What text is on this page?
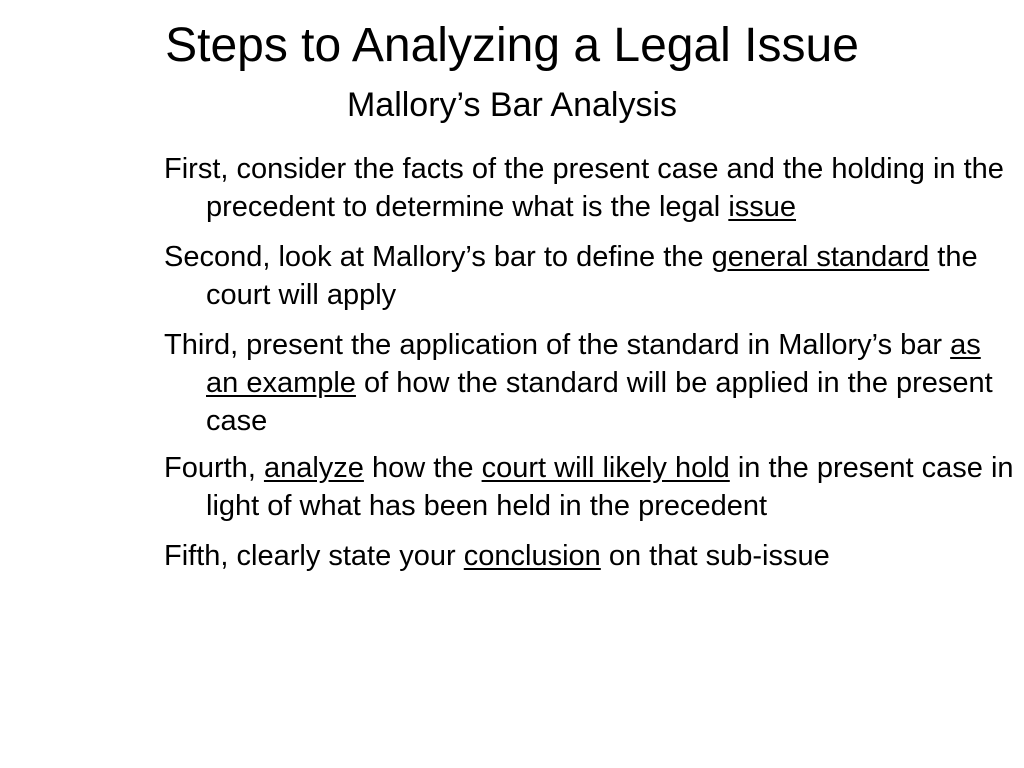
Steps to Analyzing a Legal Issue
Mallory’s Bar Analysis
First, consider the facts of the present case and the holding in the precedent to determine what is the legal issue
Second, look at Mallory’s bar to define the general standard the court will apply
Third, present the application of the standard in Mallory’s bar as an example of how the standard will be applied in the present case
Fourth, analyze how the court will likely hold in the present case in light of what has been held in the precedent
Fifth, clearly state your conclusion on that sub-issue
